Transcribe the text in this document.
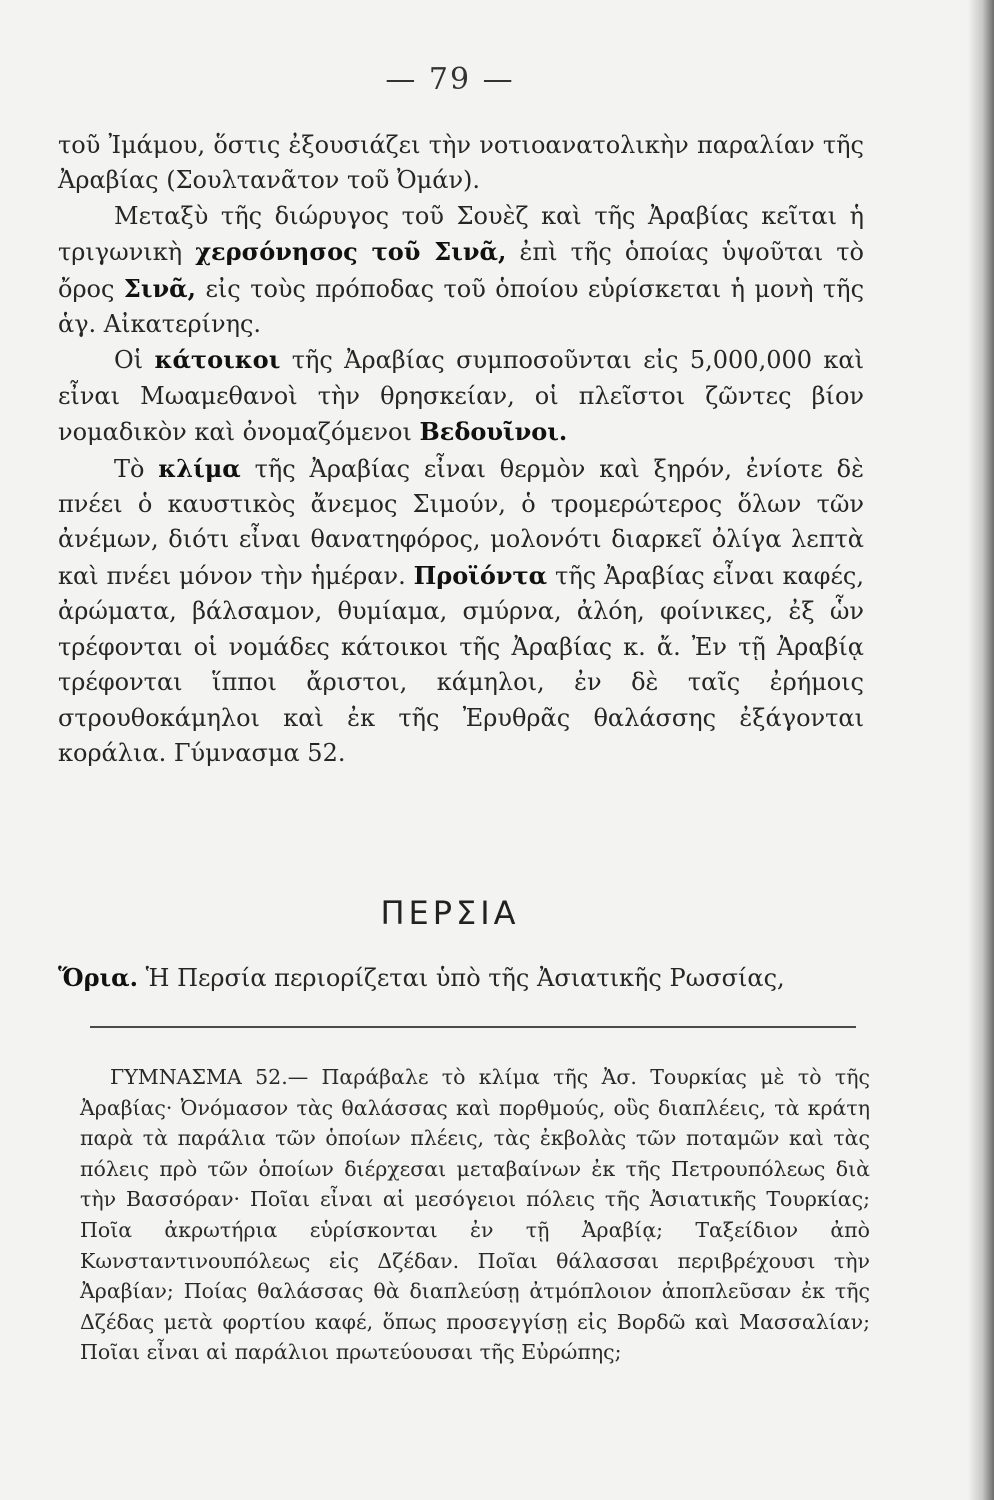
— 79 —

τοῦ Ἰμάμου, ὅστις ἐξουσιάζει τὴν νοτιοανατολικὴν παραλίαν τῆς Ἀραβίας (Σουλτανᾶτον τοῦ Ὀμάν).

Μεταξὺ τῆς διώρυγος τοῦ Σουὲζ καὶ τῆς Ἀραβίας κεῖται ἡ τριγωνικὴ χερσόνησος τοῦ Σινᾶ, ἐπὶ τῆς ὁποίας ὑψοῦται τὸ ὄρος Σινᾶ, εἰς τοὺς πρόποδας τοῦ ὁποίου εὑρίσκεται ἡ μονὴ τῆς ἁγ. Αἰκατερίνης.

Οἱ κάτοικοι τῆς Ἀραβίας συμποσοῦνται εἰς 5,000,000 καὶ εἶναι Μωαμεθανοὶ τὴν θρησκείαν, οἱ πλεῖστοι ζῶντες βίον νομαδικὸν καὶ ὀνομαζόμενοι Βεδουῖνοι.

Τὸ κλίμα τῆς Ἀραβίας εἶναι θερμὸν καὶ ξηρόν, ἐνίοτε δὲ πνέει ὁ καυστικὸς ἄνεμος Σιμούν, ὁ τρομερώτερος ὅλων τῶν ἀνέμων, διότι εἶναι θανατηφόρος, μολονότι διαρκεῖ ὀλίγα λεπτὰ καὶ πνέει μόνον τὴν ἡμέραν. Προϊόντα τῆς Ἀραβίας εἶναι καφές, ἀρώματα, βάλσαμον, θυμίαμα, σμύρνα, ἀλόη, φοίνικες, ἐξ ὧν τρέφονται οἱ νομάδες κάτοικοι τῆς Ἀραβίας κ. ἄ. Ἐν τῇ Ἀραβίᾳ τρέφονται ἵπποι ἄριστοι, κάμηλοι, ἐν δὲ ταῖς ἐρήμοις στρουθοκάμηλοι καὶ ἐκ τῆς Ἐρυθρᾶς θαλάσσης ἐξάγονται κοράλια. Γύμνασμα 52.

ΠΕΡΣΙΑ
Ὅρια. Ἡ Περσία περιορίζεται ὑπὸ τῆς Ἀσιατικῆς Ρωσσίας,
ΓΥΜΝΑΣΜΑ 52.— Παράβαλε τὸ κλίμα τῆς Ἀσ. Τουρκίας μὲ τὸ τῆς Ἀραβίας· Ὀνόμασον τὰς θαλάσσας καὶ πορθμούς, οὓς διαπλέεις, τὰ κράτη παρὰ τὰ παράλια τῶν ὁποίων πλέεις, τὰς ἐκβολὰς τῶν ποταμῶν καὶ τὰς πόλεις πρὸ τῶν ὁποίων διέρχεσαι μεταβαίνων ἐκ τῆς Πετρουπόλεως διὰ τὴν Βασσόραν· Ποῖαι εἶναι αἱ μεσόγειοι πόλεις τῆς Ἀσιατικῆς Τουρκίας; Ποῖα ἀκρωτήρια εὑρίσκονται ἐν τῇ Ἀραβίᾳ; Ταξείδιον ἀπὸ Κωνσταντινουπόλεως εἰς Δζέδαν. Ποῖαι θάλασσαι περιβρέχουσι τὴν Ἀραβίαν; Ποίας θαλάσσας θὰ διαπλεύσῃ ἀτμόπλοιον ἀποπλεῦσαν ἐκ τῆς Δζέδας μετὰ φορτίου καφέ, ὅπως προσεγγίσῃ εἰς Βορδῶ καὶ Μασσαλίαν; Ποῖαι εἶναι αἱ παράλιοι πρωτεύουσαι τῆς Εὐρώπης;
